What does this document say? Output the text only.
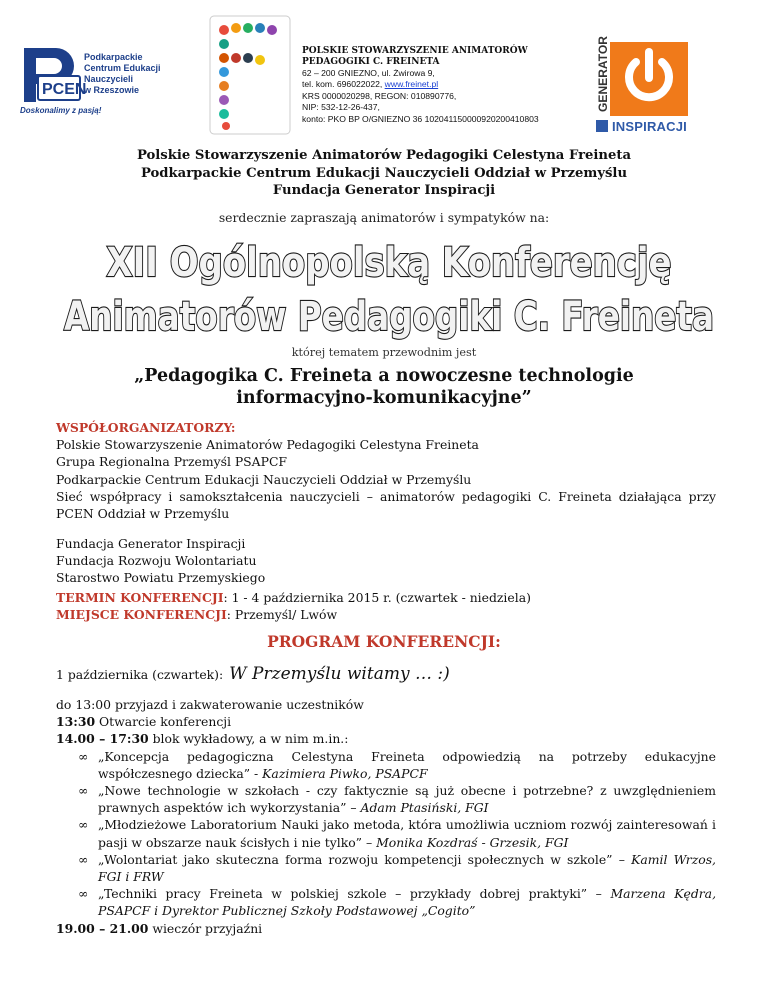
PCEN
Podkarpackie
Centrum Edukacji
Nauczycieli
w Rzeszowie
Doskonalimy z pasją!
POLSKIE STOWARZYSZENIE ANIMATORÓW
PEDAGOGIKI C. FREINETA
62 – 200 GNIEZNO, ul. Żwirowa 9,
tel. kom. 696022022, www.freinet.pl
KRS 0000020298, REGON: 010890776,
NIP: 532-12-26-437,
konto: PKO BP O/GNIEZNO 36 102041150000920200410803
GENERATOR
INSPIRACJI
Polskie Stowarzyszenie Animatorów Pedagogiki Celestyna Freineta
Podkarpackie Centrum Edukacji Nauczycieli Oddział w Przemyślu
Fundacja Generator Inspiracji
serdecznie zapraszają animatorów i sympatyków na:
XII Ogólnopolską Konferencję
Animatorów Pedagogiki C. Freineta
której tematem przewodnim jest
„Pedagogika C. Freineta a nowoczesne technologie
informacyjno-komunikacyjne”
WSPÓŁORGANIZATORZY:
Polskie Stowarzyszenie Animatorów Pedagogiki Celestyna Freineta
Grupa Regionalna Przemyśl PSAPCF
Podkarpackie Centrum Edukacji Nauczycieli Oddział w Przemyślu
Sieć współpracy i samokształcenia nauczycieli – animatorów pedagogiki C. Freineta działająca przy PCEN Oddział w Przemyślu
Fundacja Generator Inspiracji
Fundacja Rozwoju Wolontariatu
Starostwo Powiatu Przemyskiego
TERMIN KONFERENCJI: 1 - 4 października 2015 r. (czwartek - niedziela)
MIEJSCE KONFERENCJI: Przemyśl/ Lwów
PROGRAM KONFERENCJI:
1 października (czwartek): W Przemyślu witamy … :)
do 13:00 przyjazd i zakwaterowanie uczestników
13:30 Otwarcie konferencji
14.00 – 17:30 blok wykładowy, a w nim m.in.:
∞ „Koncepcja pedagogiczna Celestyna Freineta odpowiedzią na potrzeby edukacyjne współczesnego dziecka” - Kazimiera Piwko, PSAPCF
∞ „Nowe technologie w szkołach - czy faktycznie są już obecne i potrzebne? z uwzględnieniem prawnych aspektów ich wykorzystania” – Adam Ptasiński, FGI
∞ „Młodzieżowe Laboratorium Nauki jako metoda, która umożliwia uczniom rozwój zainteresowań i pasji w obszarze nauk ścisłych i nie tylko” – Monika Kozdraś - Grzesik, FGI
∞ „Wolontariat jako skuteczna forma rozwoju kompetencji społecznych w szkole” – Kamil Wrzos, FGI i FRW
∞ „Techniki pracy Freineta w polskiej szkole – przykłady dobrej praktyki” – Marzena Kędra, PSAPCF i Dyrektor Publicznej Szkoły Podstawowej „Cogito”
19.00 – 21.00 wieczór przyjaźni
